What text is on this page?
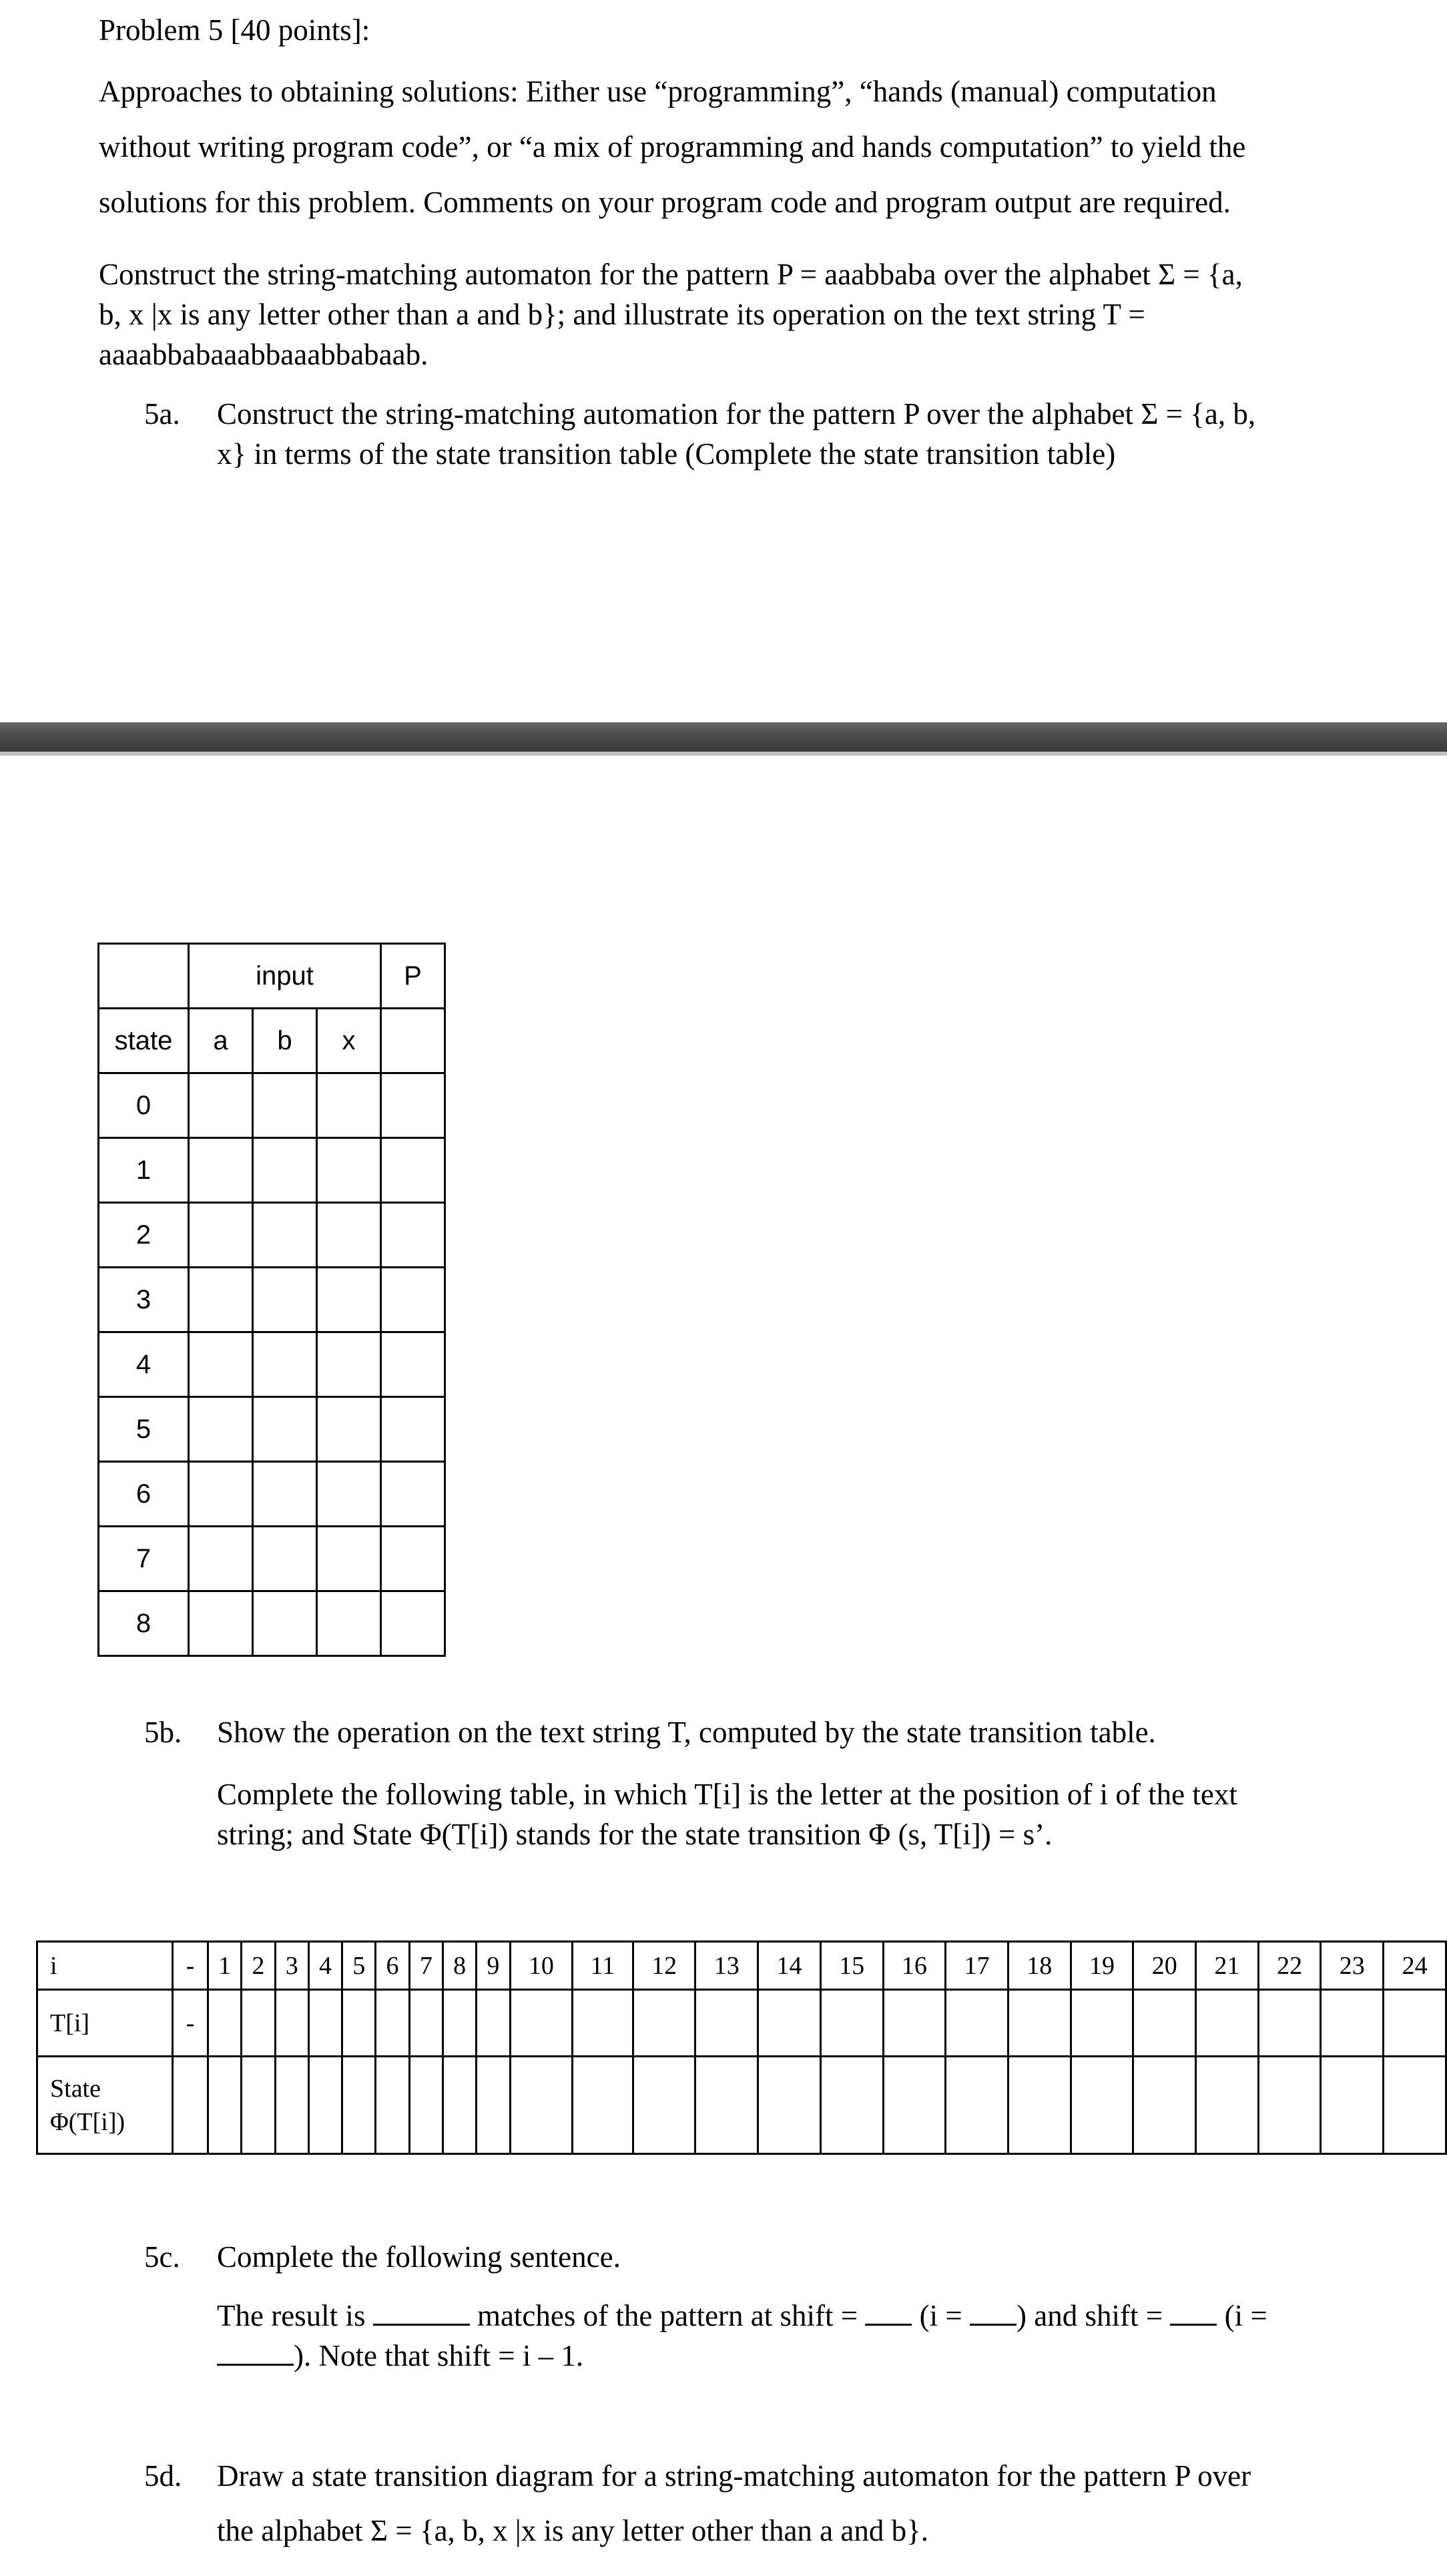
Problem 5 [40 points]:
Approaches to obtaining solutions: Either use “programming”, “hands (manual) computation
without writing program code”, or “a mix of programming and hands computation” to yield the
solutions for this problem. Comments on your program code and program output are required.
Construct the string-matching automaton for the pattern P = aaabbaba over the alphabet Σ = {a,
b, x |x is any letter other than a and b}; and illustrate its operation on the text string T =
aaaabbabaaabbaaabbabaab.
5a. Construct the string-matching automation for the pattern P over the alphabet Σ = {a, b,
x} in terms of the state transition table (Complete the state transition table)
	input			P
state	a	b	x	
0				
1				
2				
3				
4				
5				
6				
7				
8				
5b. Show the operation on the text string T, computed by the state transition table.
Complete the following table, in which T[i] is the letter at the position of i of the text
string; and State Φ(T[i]) stands for the state transition Φ (s, T[i]) = s’.
i	-	1	2	3	4	5	6	7	8	9	10	11	12	13	14	15	16	17	18	19	20	21	22	23	24
T[i]	-																								
State
Φ(T[i])																									
5c. Complete the following sentence.
The result is	matches of the pattern at shift = (i = ) and shift = (i =
). Note that shift = i – 1.
5d. Draw a state transition diagram for a string-matching automaton for the pattern P over
the alphabet Σ = {a, b, x |x is any letter other than a and b}.
